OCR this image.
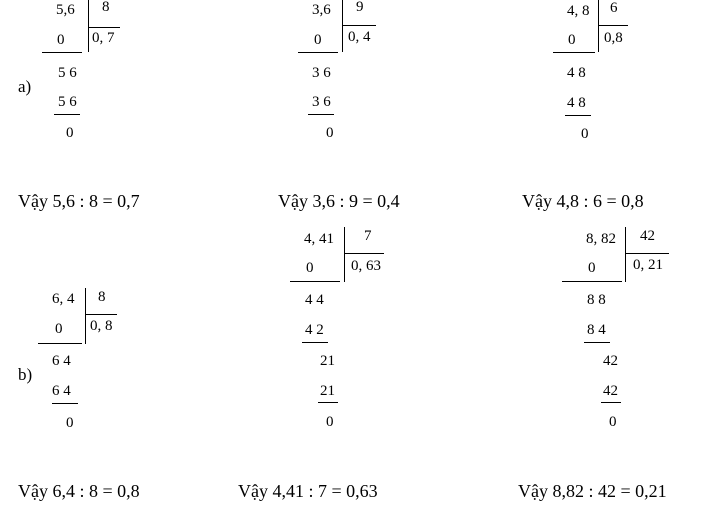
a)
5,6 8
0, 7
0
5 6
5 6
0
3,6 9
0, 4
0
3 6
3 6
0
4, 8 6
0,8
0
4 8
4 8
0
Vậy 5,6 : 8 = 0,7	Vậy 3,6 : 9 = 0,4	Vậy 4,8 : 6 = 0,8
b)
6, 4 8
0, 8
0
6 4
6 4
0
4, 41 7
0, 63
0
4 4
4 2
21
21
0
8, 82 42
0, 21
0
8 8
8 4
42
42
0
Vậy 6,4 : 8 = 0,8	Vậy 4,41 : 7 = 0,63	Vậy 8,82 : 42 = 0,21
